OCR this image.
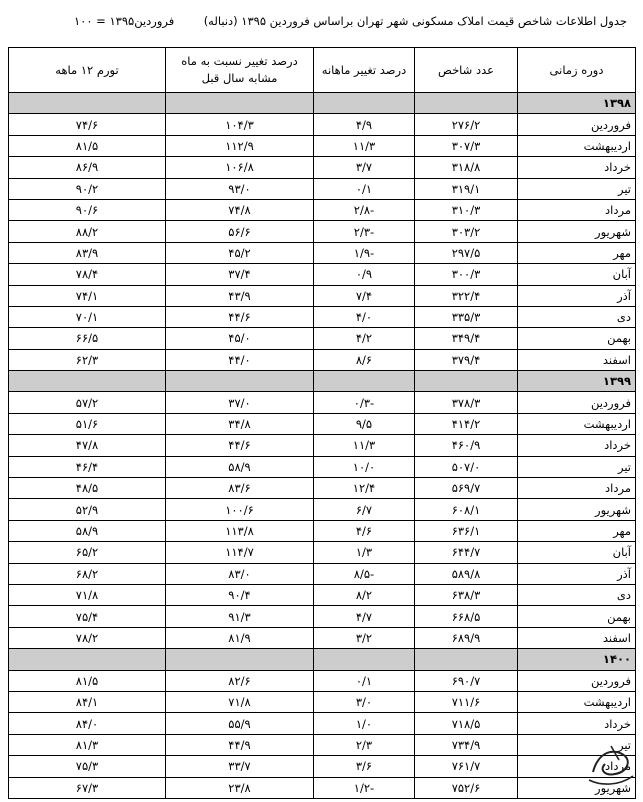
جدول اطلاعات شاخص قیمت املاک مسکونی شهر تهران براساس فروردین ۱۳۹۵ (دنباله)
فروردین۱۳۹۵ = ۱۰۰
دوره زمانی	عدد شاخص	درصد تغییر ماهانه	درصد تغییر نسبت به ماه مشابه سال قبل	تورم ۱۲ ماهه
۱۳۹۸				
فروردین	۲۷۶/۲	۴/۹	۱۰۴/۳	۷۴/۶
اردیبهشت	۳۰۷/۳	۱۱/۳	۱۱۲/۹	۸۱/۵
خرداد	۳۱۸/۸	۳/۷	۱۰۶/۸	۸۶/۹
تیر	۳۱۹/۱	۰/۱	۹۳/۰	۹۰/۲
مرداد	۳۱۰/۳	-۲/۸	۷۴/۸	۹۰/۶
شهریور	۳۰۳/۲	-۲/۳	۵۶/۶	۸۸/۲
مهر	۲۹۷/۵	-۱/۹	۴۵/۲	۸۳/۹
آبان	۳۰۰/۳	۰/۹	۳۷/۴	۷۸/۴
آذر	۳۲۲/۴	۷/۴	۴۳/۹	۷۴/۱
دی	۳۳۵/۳	۴/۰	۴۴/۶	۷۰/۱
بهمن	۳۴۹/۴	۴/۲	۴۵/۰	۶۶/۵
اسفند	۳۷۹/۴	۸/۶	۴۴/۰	۶۲/۳
۱۳۹۹				
فروردین	۳۷۸/۳	-۰/۳	۳۷/۰	۵۷/۲
اردیبهشت	۴۱۴/۲	۹/۵	۳۴/۸	۵۱/۶
خرداد	۴۶۰/۹	۱۱/۳	۴۴/۶	۴۷/۸
تیر	۵۰۷/۰	۱۰/۰	۵۸/۹	۴۶/۴
مرداد	۵۶۹/۷	۱۲/۴	۸۳/۶	۴۸/۵
شهریور	۶۰۸/۱	۶/۷	۱۰۰/۶	۵۲/۹
مهر	۶۳۶/۱	۴/۶	۱۱۳/۸	۵۸/۹
آبان	۶۴۴/۷	۱/۳	۱۱۴/۷	۶۵/۲
آذر	۵۸۹/۸	-۸/۵	۸۳/۰	۶۸/۲
دی	۶۳۸/۳	۸/۲	۹۰/۴	۷۱/۸
بهمن	۶۶۸/۵	۴/۷	۹۱/۳	۷۵/۴
اسفند	۶۸۹/۹	۳/۲	۸۱/۹	۷۸/۲
۱۴۰۰				
فروردین	۶۹۰/۷	۰/۱	۸۲/۶	۸۱/۵
اردیبهشت	۷۱۱/۶	۳/۰	۷۱/۸	۸۴/۱
خرداد	۷۱۸/۵	۱/۰	۵۵/۹	۸۴/۰
تیر	۷۳۴/۹	۲/۳	۴۴/۹	۸۱/۳
مرداد	۷۶۱/۷	۳/۶	۳۳/۷	۷۵/۳
شهریور	۷۵۲/۶	-۱/۲	۲۳/۸	۶۷/۳
